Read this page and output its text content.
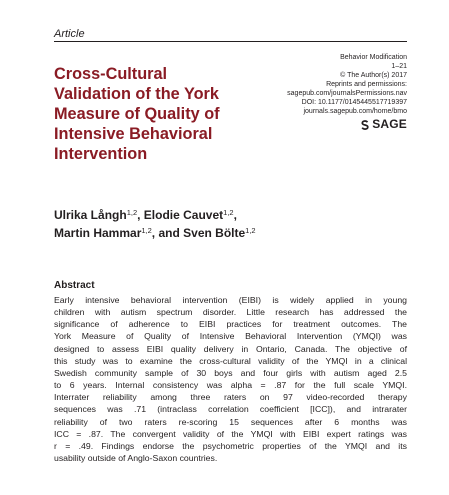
Article
Cross-Cultural
Validation of the York
Measure of Quality of
Intensive Behavioral
Intervention
Behavior Modification
1–21
© The Author(s) 2017
Reprints and permissions:
sagepub.com/journalsPermissions.nav
DOI: 10.1177/0145445517719397
journals.sagepub.com/home/bmo
SAGE
Ulrika Långh$^{1,2}$, Elodie Cauvet$^{1,2}$,
Martin Hammar$^{1,2}$, and Sven Bölte$^{1,2}$
Abstract
Early intensive behavioral intervention (EIBI) is widely applied in young
children with autism spectrum disorder. Little research has addressed the
significance of adherence to EIBI practices for treatment outcomes. The
York Measure of Quality of Intensive Behavioral Intervention (YMQI) was
designed to assess EIBI quality delivery in Ontario, Canada. The objective of
this study was to examine the cross-cultural validity of the YMQI in a clinical
Swedish community sample of 30 boys and four girls with autism aged 2.5
to 6 years. Internal consistency was alpha = .87 for the full scale YMQI.
Interrater reliability among three raters on 97 video-recorded therapy
sequences was .71 (intraclass correlation coefficient [ICC]), and intrarater
reliability of two raters re-scoring 15 sequences after 6 months was
ICC = .87. The convergent validity of the YMQI with EIBI expert ratings was
r = .49. Findings endorse the psychometric properties of the YMQI and its
usability outside of Anglo-Saxon countries.
